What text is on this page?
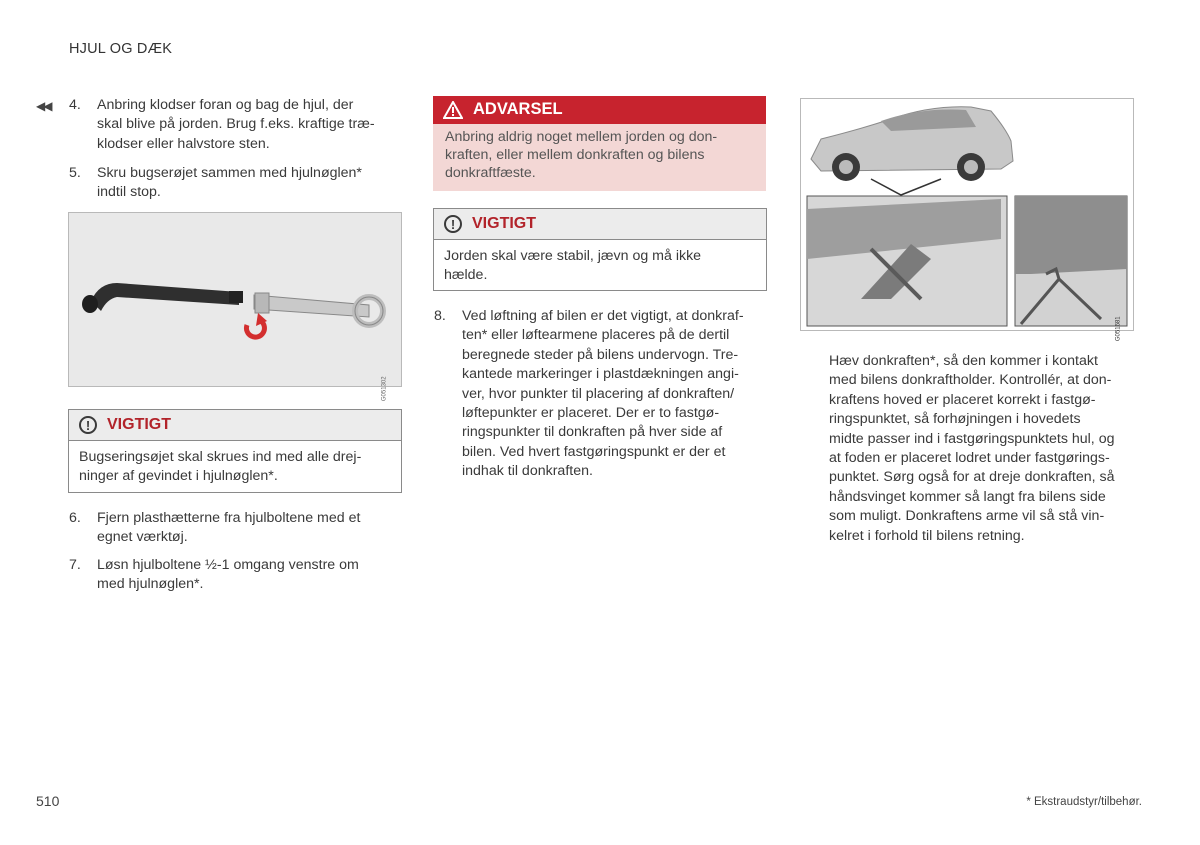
HJUL OG DÆK
◀◀ 4. Anbring klodser foran og bag de hjul, der
skal blive på jorden. Brug f.eks. kraftige træ-
klodser eller halvstore sten.
5. Skru bugserøjet sammen med hjulnøglen*
indtil stop.
G051302
!	VIGTIGT
Bugseringsøjet skal skrues ind med alle drej-
ninger af gevindet i hjulnøglen*.
6. Fjern plasthætterne fra hjulboltene med et
egnet værktøj.
7. Løsn hjulboltene ½-1 omgang venstre om
med hjulnøglen*.
ADVARSEL
Anbring aldrig noget mellem jorden og don-
kraften, eller mellem donkraften og bilens
donkraftfæste.
!	VIGTIGT
Jorden skal være stabil, jævn og må ikke
hælde.
8. Ved løftning af bilen er det vigtigt, at donkraf-
ten* eller løftearmene placeres på de dertil
beregnede steder på bilens undervogn. Tre-
kantede markeringer i plastdækningen angi-
ver, hvor punkter til placering af donkraften/
løftepunkter er placeret. Der er to fastgø-
ringspunkter til donkraften på hver side af
bilen. Ved hvert fastgøringspunkt er der et
indhak til donkraften.
G051681
Hæv donkraften*, så den kommer i kontakt
med bilens donkraftholder. Kontrollér, at don-
kraftens hoved er placeret korrekt i fastgø-
ringspunktet, så forhøjningen i hovedets
midte passer ind i fastgøringspunktets hul, og
at foden er placeret lodret under fastgørings-
punktet. Sørg også for at dreje donkraften, så
håndsvinget kommer så langt fra bilens side
som muligt. Donkraftens arme vil så stå vin-
kelret i forhold til bilens retning.
510	* Ekstraudstyr/tilbehør.
